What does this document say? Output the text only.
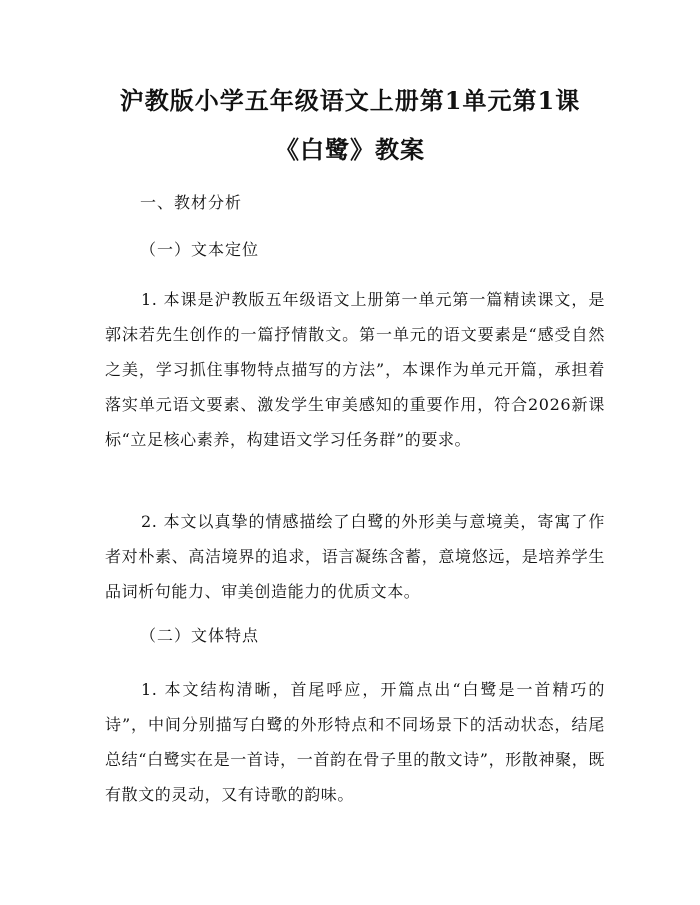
沪教版小学五年级语文上册第1单元第1课
《白鹭》教案
一、教材分析
（一）文本定位
1. 本课是沪教版五年级语文上册第一单元第一篇精读课文，是郭沫若先生创作的一篇抒情散文。第一单元的语文要素是“感受自然之美，学习抓住事物特点描写的方法”，本课作为单元开篇，承担着落实单元语文要素、激发学生审美感知的重要作用，符合2026新课标“立足核心素养，构建语文学习任务群”的要求。
2. 本文以真挚的情感描绘了白鹭的外形美与意境美，寄寓了作者对朴素、高洁境界的追求，语言凝练含蓄，意境悠远，是培养学生品词析句能力、审美创造能力的优质文本。
（二）文体特点
1. 本文结构清晰，首尾呼应，开篇点出“白鹭是一首精巧的诗”，中间分别描写白鹭的外形特点和不同场景下的活动状态，结尾总结“白鹭实在是一首诗，一首韵在骨子里的散文诗”，形散神聚，既有散文的灵动，又有诗歌的韵味。
